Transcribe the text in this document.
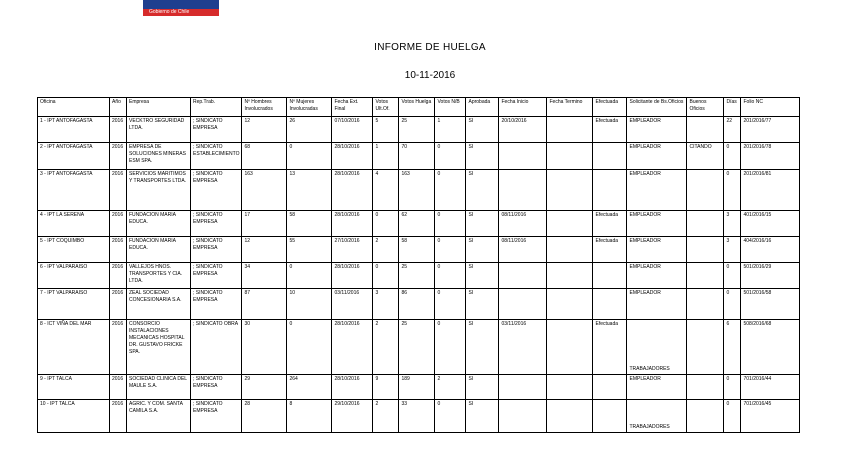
Gobierno de Chile
INFORME DE HUELGA
10-11-2016
Oficina	Año	Empresa	Rep.Trab.	Nº Hombres Involucrados	Nº Mujeres Involucradas	Fecha Ext. Final	Votos Ult.Of.	Votos Huelga	Votos N/B	Aprobada	Fecha Inicio	Fecha Termino	Efectuada	Solicitante de Bs.Oficios	Buenos Oficios	Días	Folio NC
1 - IPT ANTOFAGASTA	2016	VECKTRO SEGURIDAD LTDA.	; SINDICATO EMPRESA	12	26	07/10/2016	5	25	1	SI	20/10/2016		Efectuada	EMPLEADOR		22	201/2016/77
2 - IPT ANTOFAGASTA	2016	EMPRESA DE SOLUCIONES MINERAS ESM SPA.	; SINDICATO ESTABLECIMIENTO	68	0	28/10/2016	1	70	0	SI				EMPLEADOR	CITANDO	0	201/2016/78
3 - IPT ANTOFAGASTA	2016	SERVICIOS MARITIMOS Y TRANSPORTES LTDA.	; SINDICATO EMPRESA	163	13	28/10/2016	4	163	0	SI				EMPLEADOR		0	201/2016/81
4 - IPT LA SERENA	2016	FUNDACION MARIA EDUCA.	; SINDICATO EMPRESA	17	58	28/10/2016	0	62	0	SI	08/11/2016		Efectuada	EMPLEADOR		3	401/2016/15
5 - IPT COQUIMBO	2016	FUNDACION MARIA EDUCA.	; SINDICATO EMPRESA	12	55	27/10/2016	2	58	0	SI	08/11/2016		Efectuada	EMPLEADOR		3	404/2016/16
6 - IPT VALPARAISO	2016	VALLEJOS HNOS. TRANSPORTES Y CIA. LTDA.	; SINDICATO EMPRESA	34	0	28/10/2016	0	25	0	SI				EMPLEADOR		0	501/2016/29
7 - IPT VALPARAISO	2016	ZEAL SOCIEDAD CONCESIONARIA S.A.	; SINDICATO EMPRESA	87	10	03/11/2016	3	86	0	SI				EMPLEADOR		0	501/2016/58
8 - ICT VIÑA DEL MAR	2016	CONSORCIO INSTALACIONES MECANICAS HOSPITAL DR. GUSTAVO FRICKE SPA.	; SINDICATO OBRA	30	0	28/10/2016	2	25	0	SI	03/11/2016		Efectuada	TRABAJADORES		6	508/2016/68
9 - IPT TALCA	2016	SOCIEDAD CLINICA DEL MAULE S.A.	; SINDICATO EMPRESA	29	264	28/10/2016	9	189	2	SI				EMPLEADOR		0	701/2016/44
10 - IPT TALCA	2016	AGRIC. Y COM. SANTA CAMILA S.A.	; SINDICATO EMPRESA	28	8	29/10/2016	2	33	0	SI				TRABAJADORES		0	701/2016/45
